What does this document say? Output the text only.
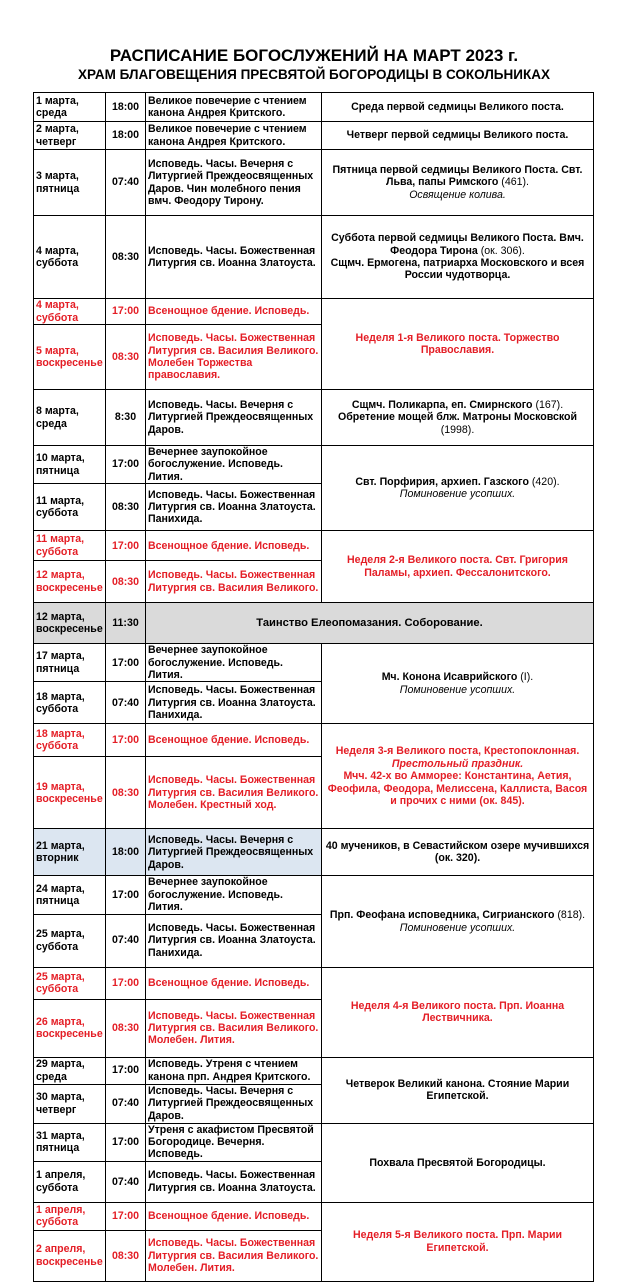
РАСПИСАНИЕ БОГОСЛУЖЕНИЙ НА МАРТ 2023 г.
ХРАМ БЛАГОВЕЩЕНИЯ ПРЕСВЯТОЙ БОГОРОДИЦЫ В СОКОЛЬНИКАХ
1 марта, среда	18:00	Великое повечерие с чтением канона Андрея Критского.	Среда первой седмицы Великого поста.
2 марта, четверг	18:00	Великое повечерие с чтением канона Андрея Критского.	Четверг первой седмицы Великого поста.
3 марта, пятница	07:40	Исповедь. Часы. Вечерня с Литургией Преждеосвященных Даров. Чин молебного пения вмч. Феодору Тирону.	Пятница первой седмицы Великого Поста. Свт. Льва, папы Римского (461).
Освящение колива.
4 марта, суббота	08:30	Исповедь. Часы. Божественная Литургия св. Иоанна Златоуста.	Суббота первой седмицы Великого Поста. Вмч. Феодора Тирона (ок. 306).
Сщмч. Ермогена, патриарха Московского и всея России чудотворца.
4 марта, суббота	17:00	Всенощное бдение. Исповедь.	Неделя 1-я Великого поста. Торжество Православия.
5 марта, воскресенье	08:30	Исповедь. Часы. Божественная Литургия св. Василия Великого. Молебен Торжества православия.	
8 марта, среда	8:30	Исповедь. Часы. Вечерня с Литургией Преждеосвященных Даров.	Сщмч. Поликарпа, еп. Смирнского (167).
Обретение мощей блж. Матроны Московской (1998).
10 марта, пятница	17:00	Вечернее заупокойное богослужение. Исповедь. Лития.	Свт. Порфирия, архиеп. Газского (420).
Поминовение усопших.
11 марта, суббота	08:30	Исповедь. Часы. Божественная Литургия св. Иоанна Златоуста. Панихида.	
11 марта, суббота	17:00	Всенощное бдение. Исповедь.	Неделя 2-я Великого поста. Свт. Григория Паламы, архиеп. Фессалонитского.
12 марта, воскресенье	08:30	Исповедь. Часы. Божественная Литургия св. Василия Великого.	
12 марта, воскресенье	11:30	Таинство Елеопомазания. Соборование.	
17 марта, пятница	17:00	Вечернее заупокойное богослужение. Исповедь. Лития.	Мч. Конона Исаврийского (I).
Поминовение усопших.
18 марта, суббота	07:40	Исповедь. Часы. Божественная Литургия св. Иоанна Златоуста. Панихида.	
18 марта, суббота	17:00	Всенощное бдение. Исповедь.	Неделя 3-я Великого поста, Крестопоклонная.
Престольный праздник.
Мчч. 42-х во Амморее: Константина, Аетия, Феофила, Феодора, Мелиссена, Каллиста, Васоя и прочих с ними (ок. 845).
19 марта, воскресенье	08:30	Исповедь. Часы. Божественная Литургия св. Василия Великого. Молебен. Крестный ход.	
21 марта, вторник	18:00	Исповедь. Часы. Вечерня с Литургией Преждеосвященных Даров.	40 мучеников, в Севастийском озере мучившихся (ок. 320).
24 марта, пятница	17:00	Вечернее заупокойное богослужение. Исповедь. Лития.	Прп. Феофана исповедника, Сигрианского (818).
Поминовение усопших.
25 марта, суббота	07:40	Исповедь. Часы. Божественная Литургия св. Иоанна Златоуста. Панихида.	
25 марта, суббота	17:00	Всенощное бдение. Исповедь.	Неделя 4-я Великого поста. Прп. Иоанна Лествичника.
26 марта, воскресенье	08:30	Исповедь. Часы. Божественная Литургия св. Василия Великого. Молебен. Лития.	
29 марта, среда	17:00	Исповедь. Утреня с чтением канона прп. Андрея Критского.	Четверок Великий канона. Стояние Марии Египетской.
30 марта, четверг	07:40	Исповедь. Часы. Вечерня с Литургией Преждеосвященных Даров.	
31 марта, пятница	17:00	Утреня с акафистом Пресвятой Богородице. Вечерня. Исповедь.	Похвала Пресвятой Богородицы.
1 апреля, суббота	07:40	Исповедь. Часы. Божественная Литургия св. Иоанна Златоуста.	
1 апреля, суббота	17:00	Всенощное бдение. Исповедь.	Неделя 5-я Великого поста. Прп. Марии Египетской.
2 апреля, воскресенье	08:30	Исповедь. Часы. Божественная Литургия св. Василия Великого. Молебен. Лития.	
